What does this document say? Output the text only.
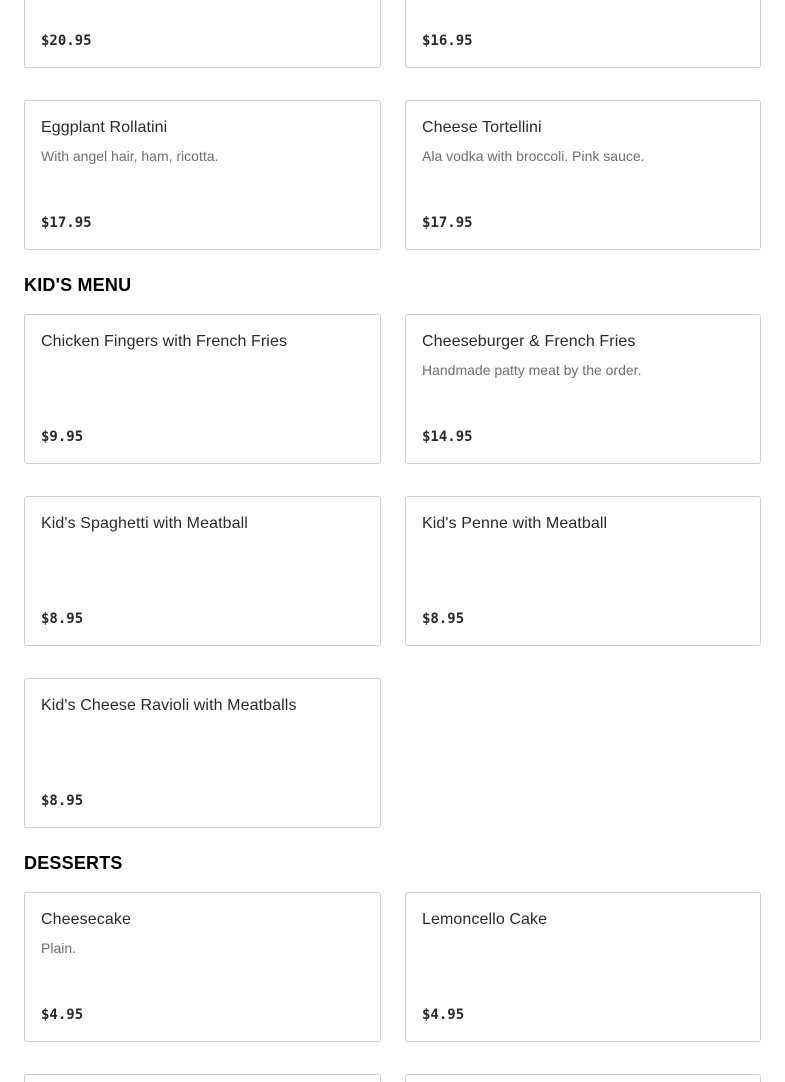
$20.95	$16.95
Eggplant Rollatini
With angel hair, ham, ricotta.
$17.95
Cheese Tortellini
Ala vodka with broccoli. Pink sauce.
$17.95
KID'S MENU
Chicken Fingers with French Fries
$9.95
Cheeseburger & French Fries
Handmade patty meat by the order.
$14.95
Kid's Spaghetti with Meatball
$8.95
Kid's Penne with Meatball
$8.95
Kid's Cheese Ravioli with Meatballs
$8.95
DESSERTS
Cheesecake
Plain.
$4.95
Lemoncello Cake
$4.95
